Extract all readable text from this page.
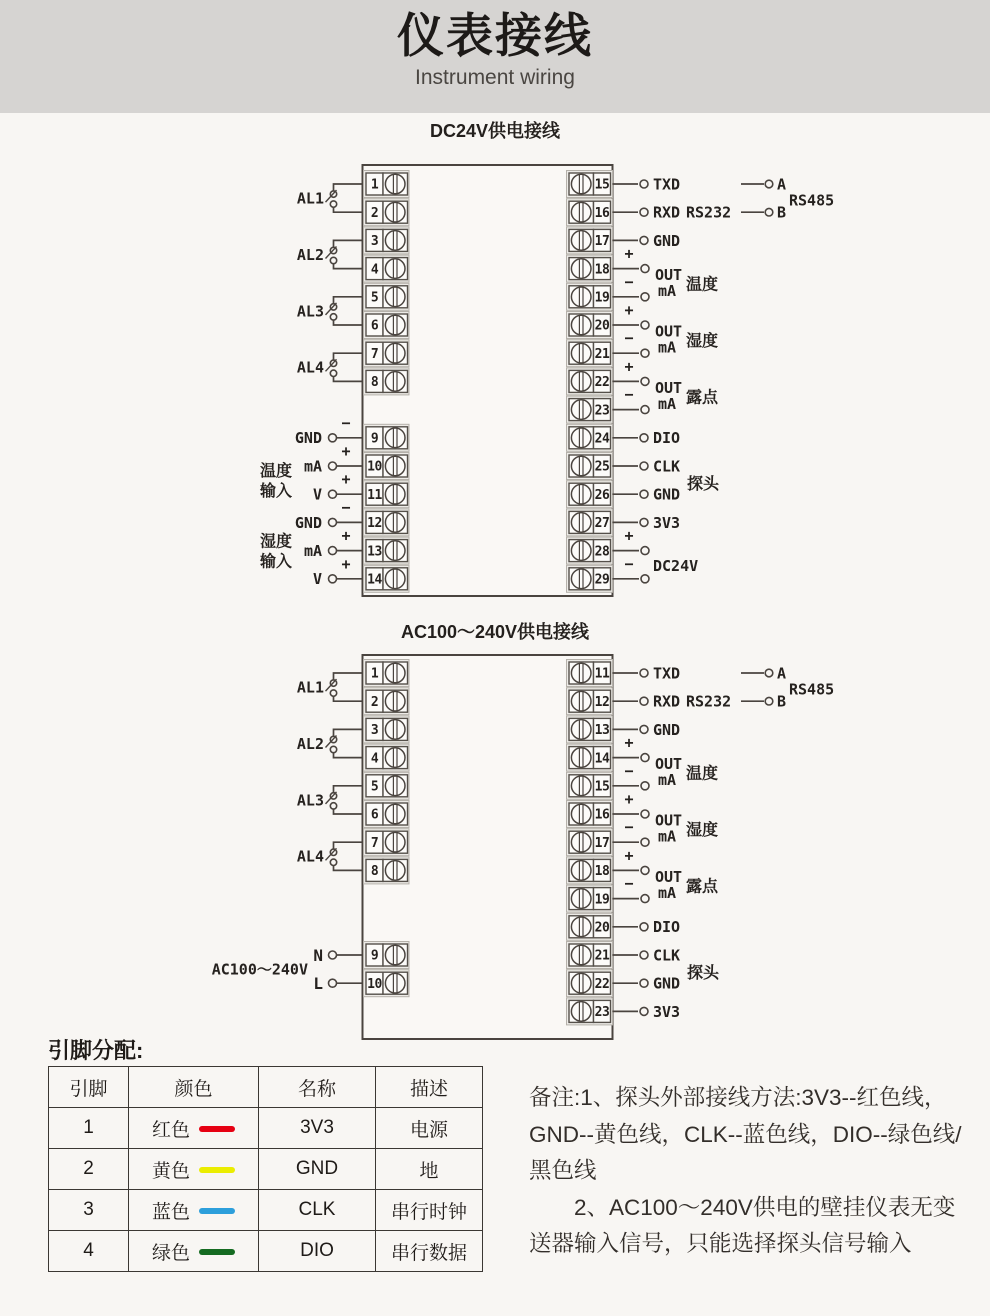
仪表接线
Instrument wiring
DC24V供电接线
1
2
3
4
5
6
7
8
9
10
11
12
13
14
15
16
17
18
19
20
21
22
23
24
25
26
27
28
29
AL1
AL2
AL3
AL4
−
GND
+
mA
+
V
−
GND
+
mA
+
V
温度
输入
湿度
输入
TXD
RXD RS232
GND
DIO
CLK
GND
3V3
+
− OUT
mA 温度
+
− OUT
mA 湿度
+
− OUT
mA 露点
+
− DC24V
探头
A
B
RS485
AC100～240V供电接线
1
2
3
4
5
6
7
8
9
10
11
12
13
14
15
16
17
18
19
20
21
22
23
AL1
AL2
AL3
AL4
N
L
AC100～240V
TXD
RXD RS232
GND
DIO
CLK
GND
3V3
+
− OUT
mA 温度
+
− OUT
mA 湿度
+
− OUT
mA 露点
探头
A
B
RS485
引脚分配:
引脚	颜色	名称	描述
1	红色	3V3	电源
2	黄色	GND	地
3	蓝色	CLK	串行时钟
4	绿色	DIO	串行数据
备注:1、探头外部接线方法:3V3--红色线，
GND--黄色线，CLK--蓝色线，DIO--绿色线/
黑色线
　　2、AC100～240V供电的壁挂仪表无变
送器输入信号，只能选择探头信号输入
